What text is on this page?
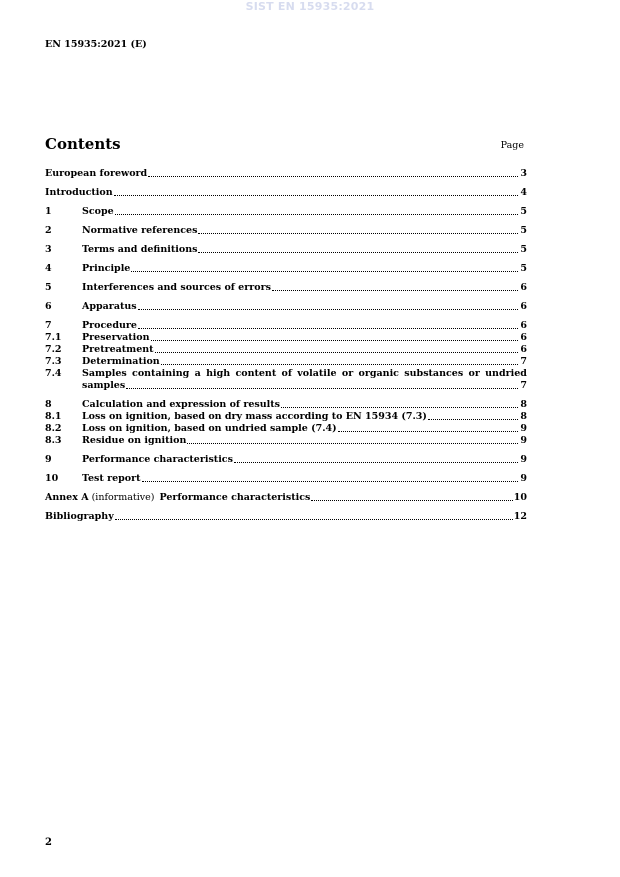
SIST EN 15935:2021
EN 15935:2021 (E)
Contents	Page
European foreword	3
Introduction	4
1	Scope	5
2	Normative references	5
3	Terms and definitions	5
4	Principle	5
5	Interferences and sources of errors	6
6	Apparatus	6
7	Procedure	6
7.1	Preservation	6
7.2	Pretreatment	6
7.3	Determination	7
7.4	Samples containing a high content of volatile or organic substances or undried
samples	7
8	Calculation and expression of results	8
8.1	Loss on ignition, based on dry mass according to EN 15934 (7.3)	8
8.2	Loss on ignition, based on undried sample (7.4)	9
8.3	Residue on ignition	9
9	Performance characteristics	9
10	Test report	9
Annex A (informative) Performance characteristics	10
Bibliography	12
2
